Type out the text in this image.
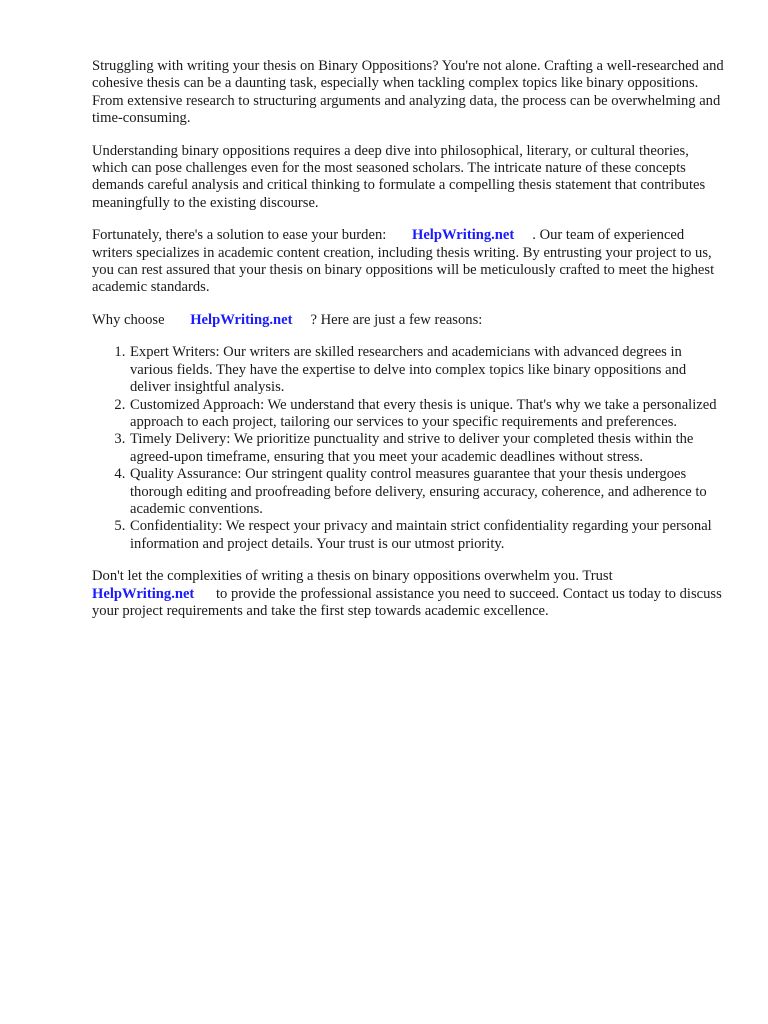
Struggling with writing your thesis on Binary Oppositions? You're not alone. Crafting a well-researched and cohesive thesis can be a daunting task, especially when tackling complex topics like binary oppositions. From extensive research to structuring arguments and analyzing data, the process can be overwhelming and time-consuming.

Understanding binary oppositions requires a deep dive into philosophical, literary, or cultural theories, which can pose challenges even for the most seasoned scholars. The intricate nature of these concepts demands careful analysis and critical thinking to formulate a compelling thesis statement that contributes meaningfully to the existing discourse.

Fortunately, there's a solution to ease your burden: HelpWriting.net . Our team of experienced writers specializes in academic content creation, including thesis writing. By entrusting your project to us, you can rest assured that your thesis on binary oppositions will be meticulously crafted to meet the highest academic standards.

Why choose HelpWriting.net ? Here are just a few reasons:

1. Expert Writers: Our writers are skilled researchers and academicians with advanced degrees in various fields. They have the expertise to delve into complex topics like binary oppositions and deliver insightful analysis.
2. Customized Approach: We understand that every thesis is unique. That's why we take a personalized approach to each project, tailoring our services to your specific requirements and preferences.
3. Timely Delivery: We prioritize punctuality and strive to deliver your completed thesis within the agreed-upon timeframe, ensuring that you meet your academic deadlines without stress.
4. Quality Assurance: Our stringent quality control measures guarantee that your thesis undergoes thorough editing and proofreading before delivery, ensuring accuracy, coherence, and adherence to academic conventions.
5. Confidentiality: We respect your privacy and maintain strict confidentiality regarding your personal information and project details. Your trust is our utmost priority.

Don't let the complexities of writing a thesis on binary oppositions overwhelm you. Trust HelpWriting.net to provide the professional assistance you need to succeed. Contact us today to discuss your project requirements and take the first step towards academic excellence.
